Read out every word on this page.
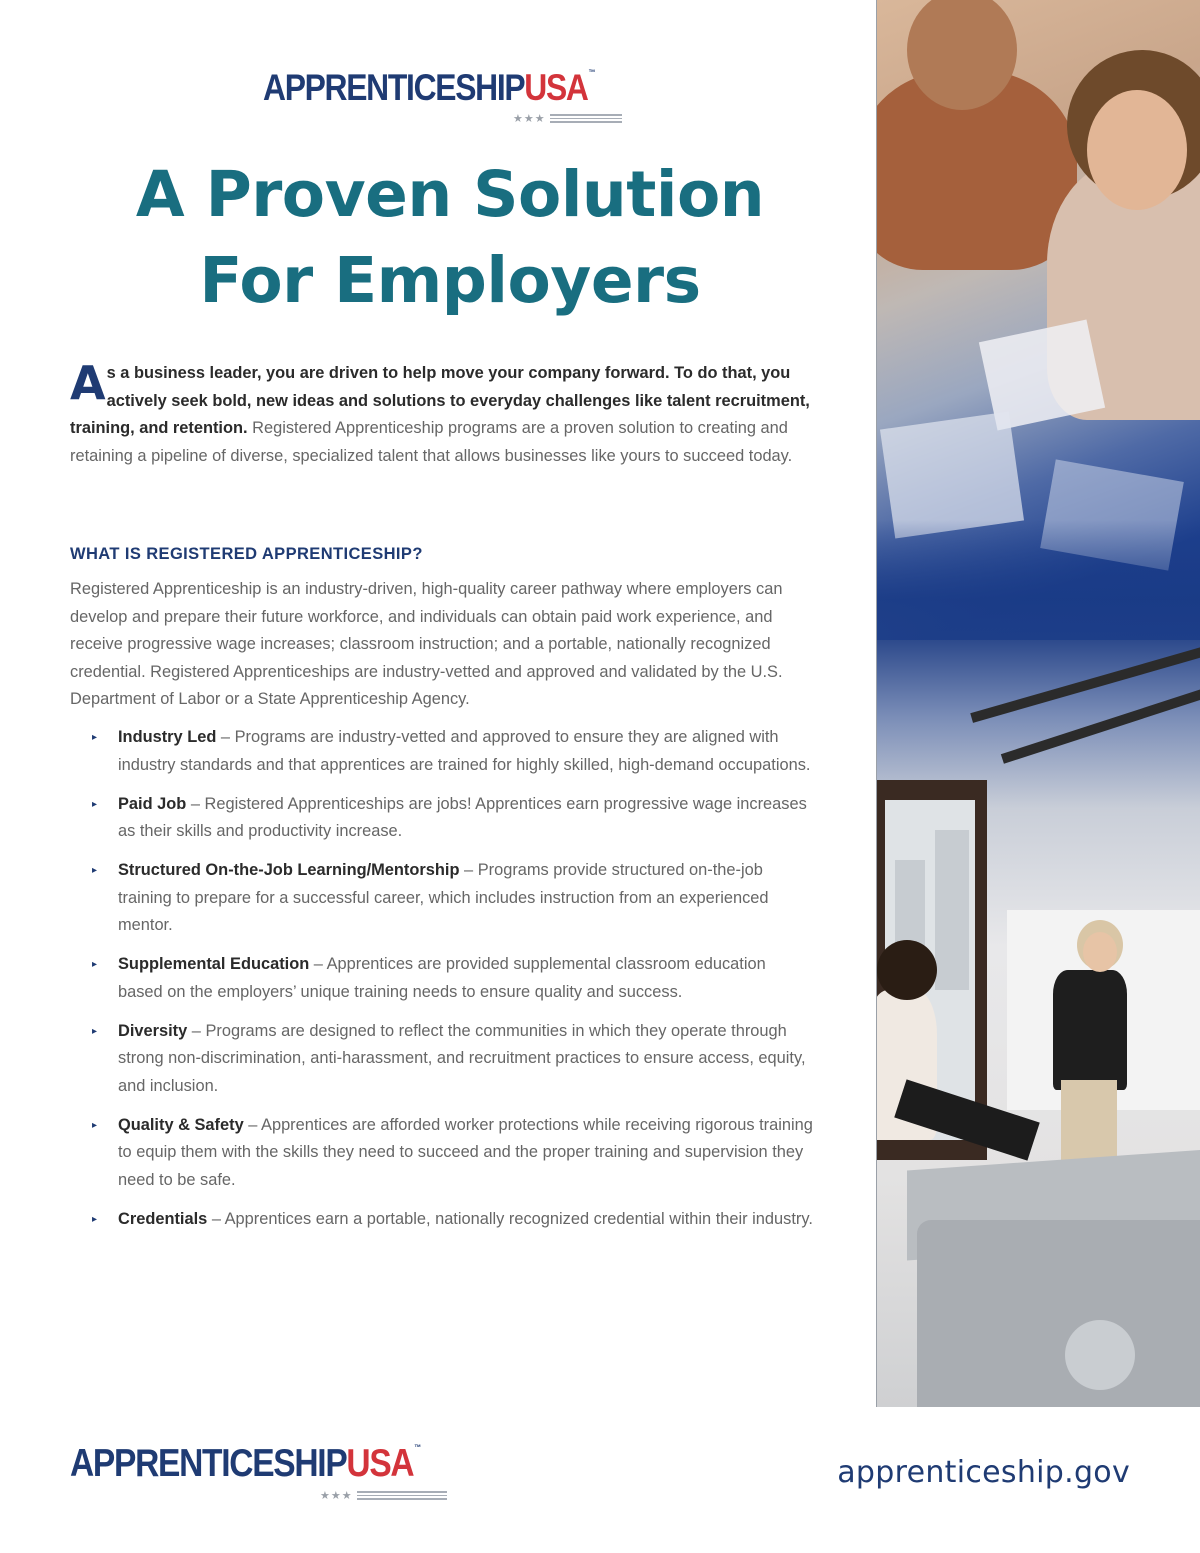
APPRENTICESHIPUSA™
★★★
A Proven Solution
For Employers

As a business leader, you are driven to help move your company forward. To do that, you actively seek bold, new ideas and solutions to everyday challenges like talent recruitment, training, and retention. Registered Apprenticeship programs are a proven solution to creating and retaining a pipeline of diverse, specialized talent that allows businesses like yours to succeed today.

WHAT IS REGISTERED APPRENTICESHIP?

Registered Apprenticeship is an industry-driven, high-quality career pathway where employers can develop and prepare their future workforce, and individuals can obtain paid work experience, and receive progressive wage increases; classroom instruction; and a portable, nationally recognized credential. Registered Apprenticeships are industry-vetted and approved and validated by the U.S. Department of Labor or a State Apprenticeship Agency.

▸ Industry Led – Programs are industry-vetted and approved to ensure they are aligned with industry standards and that apprentices are trained for highly skilled, high-demand occupations.
▸ Paid Job – Registered Apprenticeships are jobs! Apprentices earn progressive wage increases as their skills and productivity increase.
▸ Structured On-the-Job Learning/Mentorship – Programs provide structured on-the-job training to prepare for a successful career, which includes instruction from an experienced mentor.
▸ Supplemental Education – Apprentices are provided supplemental classroom education based on the employers’ unique training needs to ensure quality and success.
▸ Diversity – Programs are designed to reflect the communities in which they operate through strong non-discrimination, anti-harassment, and recruitment practices to ensure access, equity, and inclusion.
▸ Quality & Safety – Apprentices are afforded worker protections while receiving rigorous training to equip them with the skills they need to succeed and the proper training and supervision they need to be safe.
▸ Credentials – Apprentices earn a portable, nationally recognized credential within their industry.
APPRENTICESHIPUSA™
★★★
apprenticeship.gov
